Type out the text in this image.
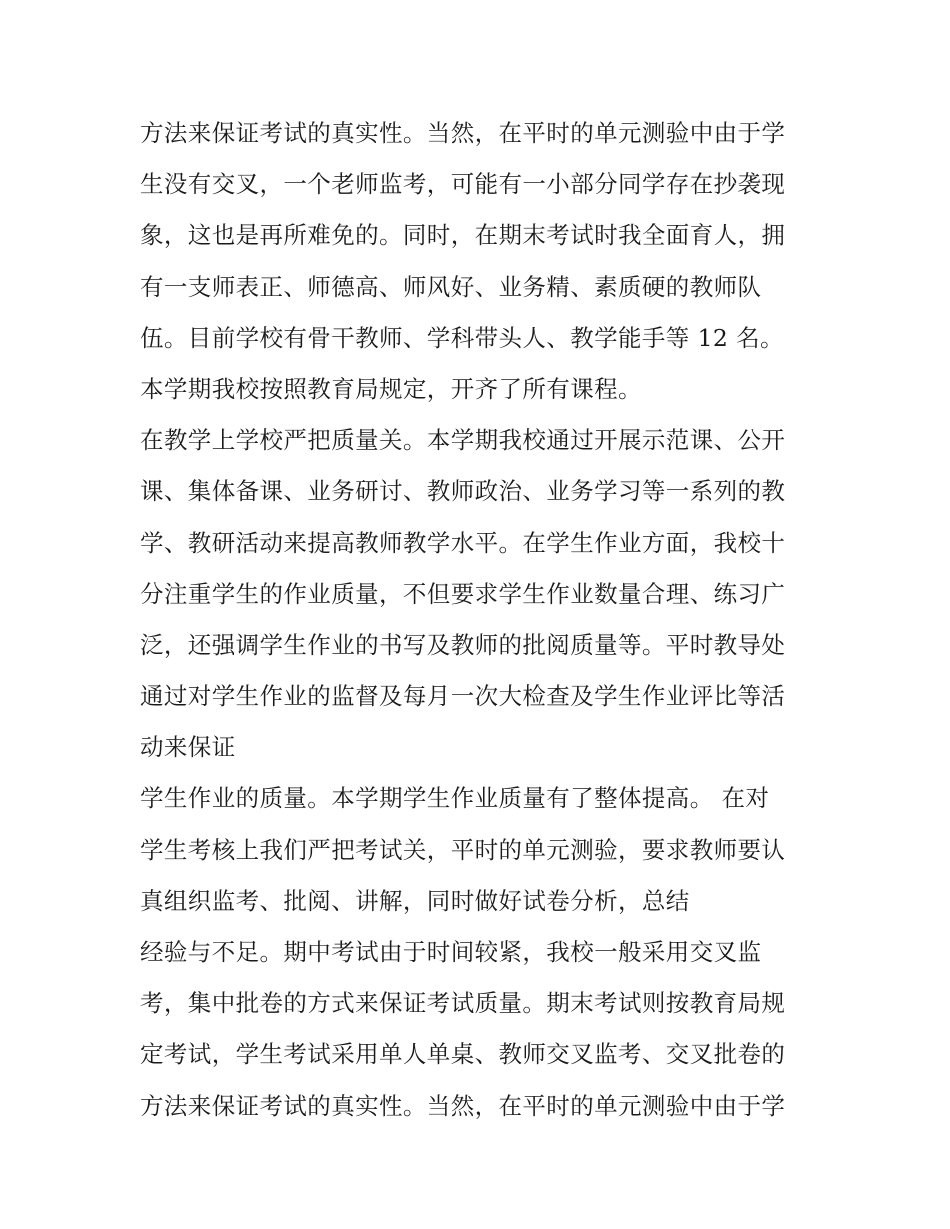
方法来保证考试的真实性。当然，在平时的单元测验中由于学
生没有交叉，一个老师监考，可能有一小部分同学存在抄袭现
象，这也是再所难免的。同时，在期末考试时我全面育人，拥
有一支师表正、师德高、师风好、业务精、素质硬的教师队
伍。目前学校有骨干教师、学科带头人、教学能手等 12 名。
本学期我校按照教育局规定，开齐了所有课程。
在教学上学校严把质量关。本学期我校通过开展示范课、公开
课、集体备课、业务研讨、教师政治、业务学习等一系列的教
学、教研活动来提高教师教学水平。在学生作业方面，我校十
分注重学生的作业质量，不但要求学生作业数量合理、练习广
泛，还强调学生作业的书写及教师的批阅质量等。平时教导处
通过对学生作业的监督及每月一次大检查及学生作业评比等活
动来保证
学生作业的质量。本学期学生作业质量有了整体提高。 在对
学生考核上我们严把考试关，平时的单元测验，要求教师要认
真组织监考、批阅、讲解，同时做好试卷分析，总结
经验与不足。期中考试由于时间较紧，我校一般采用交叉监
考，集中批卷的方式来保证考试质量。期末考试则按教育局规
定考试，学生考试采用单人单桌、教师交叉监考、交叉批卷的
方法来保证考试的真实性。当然，在平时的单元测验中由于学
